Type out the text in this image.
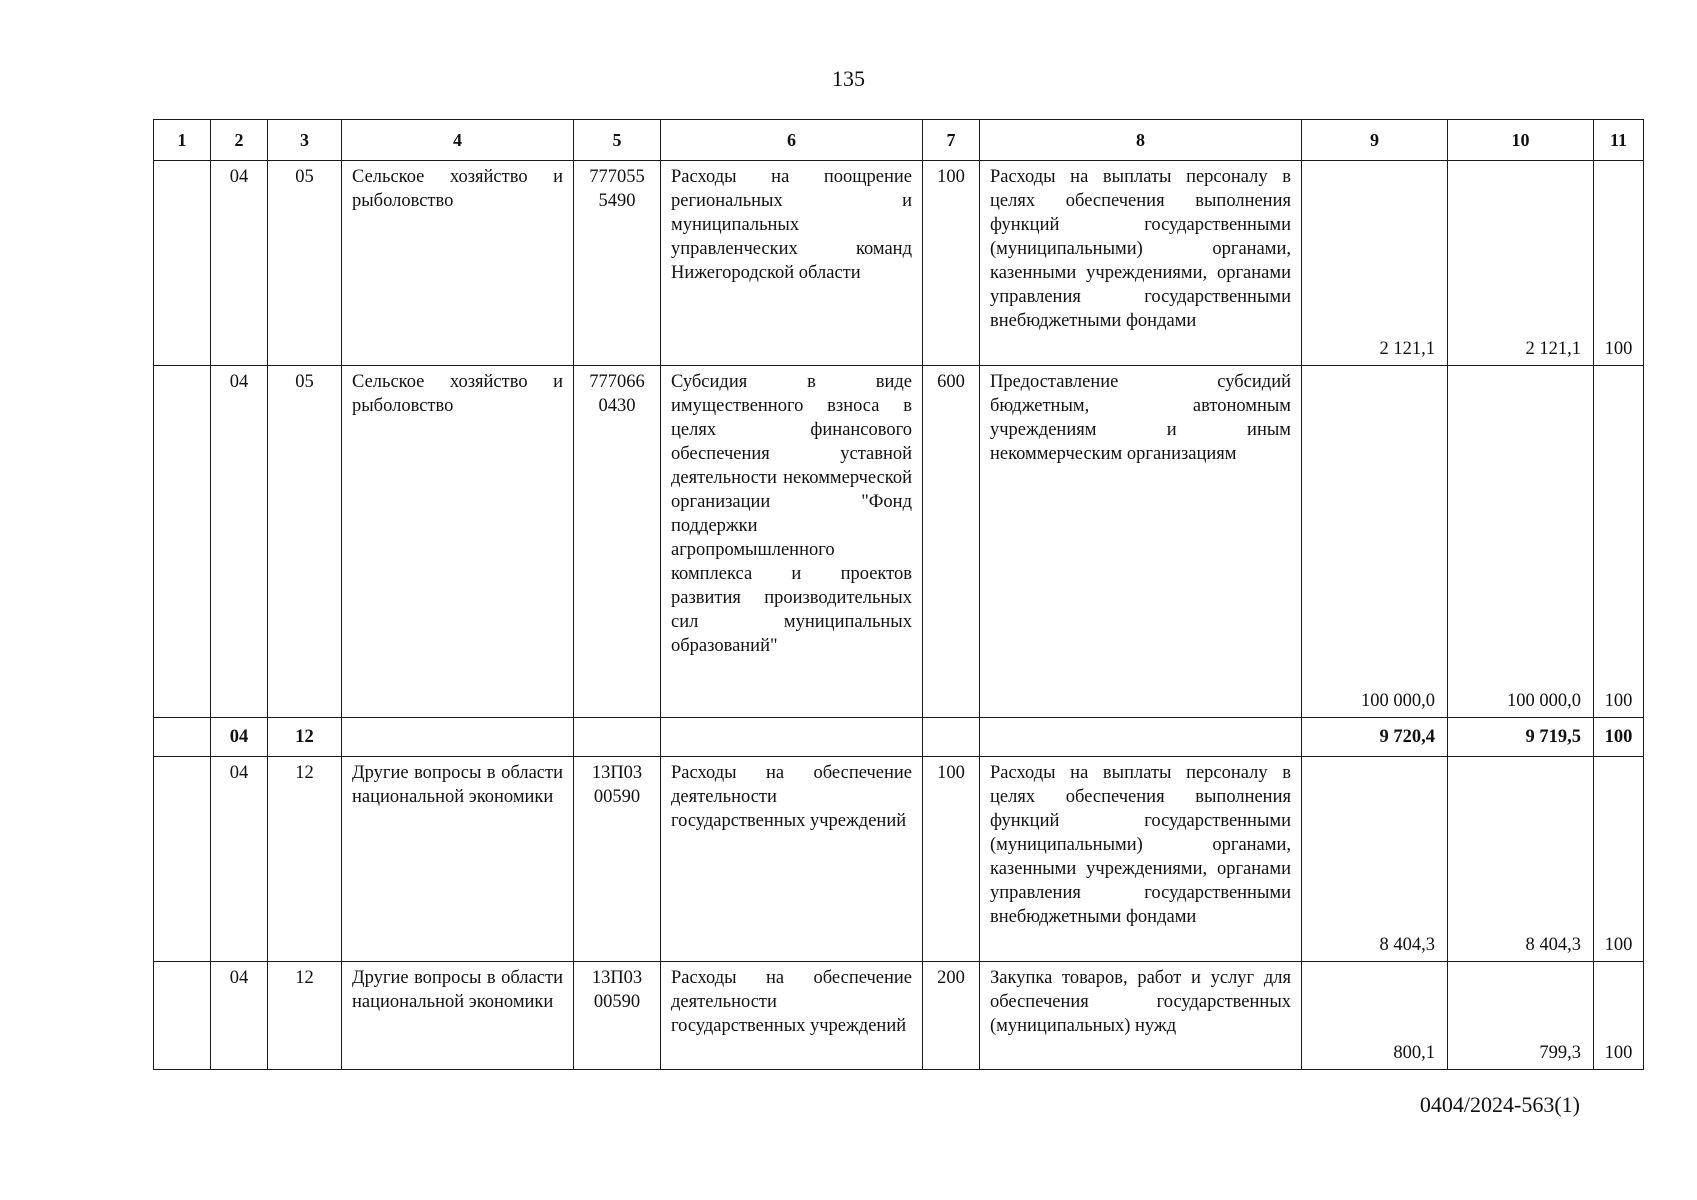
135
1	2	3	4	5	6	7	8	9	10	11
	04	05	Сельское хозяйство и рыболовство	777055 5490	Расходы на поощрение региональных и муниципальных управленческих команд Нижегородской области	100	Расходы на выплаты персоналу в целях обеспечения выполнения функций государственными (муниципальными) органами, казенными учреждениями, органами управления государственными внебюджетными фондами	2 121,1	2 121,1	100
	04	05	Сельское хозяйство и рыболовство	777066 0430	Субсидия в виде имущественного взноса в целях финансового обеспечения уставной деятельности некоммерческой организации "Фонд поддержки агропромышленного комплекса и проектов развития производительных сил муниципальных образований"	600	Предоставление субсидий бюджетным, автономным учреждениям и иным некоммерческим организациям	100 000,0	100 000,0	100
	04	12						9 720,4	9 719,5	100
	04	12	Другие вопросы в области национальной экономики	13П03 00590	Расходы на обеспечение деятельности государственных учреждений	100	Расходы на выплаты персоналу в целях обеспечения выполнения функций государственными (муниципальными) органами, казенными учреждениями, органами управления государственными внебюджетными фондами	8 404,3	8 404,3	100
	04	12	Другие вопросы в области национальной экономики	13П03 00590	Расходы на обеспечение деятельности государственных учреждений	200	Закупка товаров, работ и услуг для обеспечения государственных (муниципальных) нужд	800,1	799,3	100
0404/2024-563(1)
